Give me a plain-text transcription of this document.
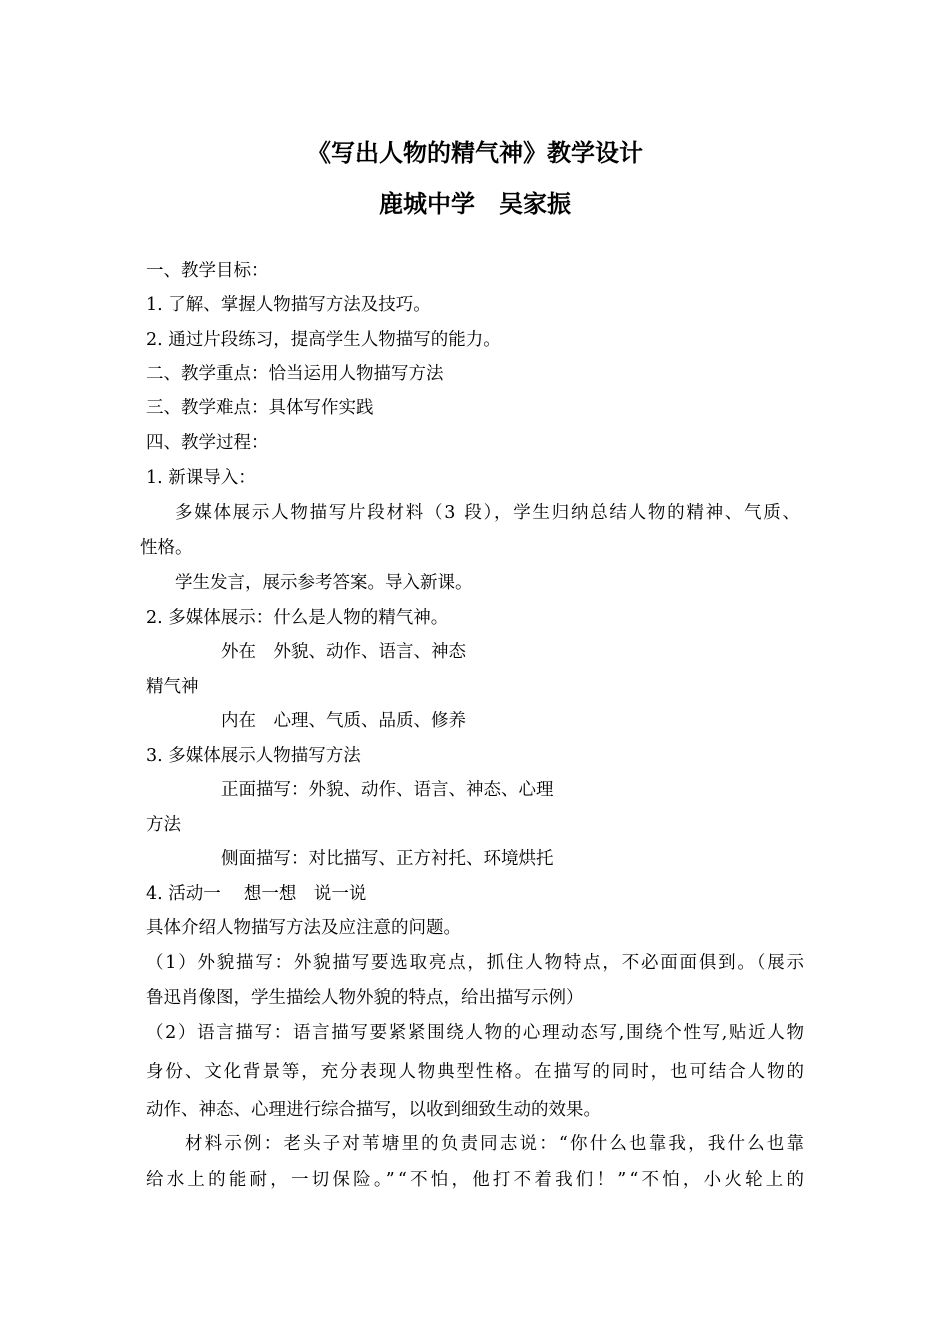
《写出人物的精气神》教学设计
鹿城中学　吴家振
一、教学目标：
1. 了解、掌握人物描写方法及技巧。
2. 通过片段练习，提高学生人物描写的能力。
二、教学重点：恰当运用人物描写方法
三、教学难点：具体写作实践
四、教学过程：
1. 新课导入：
多媒体展示人物描写片段材料（3 段），学生归纳总结人物的精神、气质、
性格。
学生发言，展示参考答案。导入新课。
2. 多媒体展示：什么是人物的精气神。
外在　外貌、动作、语言、神态
精气神
内在　心理、气质、品质、修养
3. 多媒体展示人物描写方法
正面描写：外貌、动作、语言、神态、心理
方法
侧面描写：对比描写、正方衬托、环境烘托
4. 活动一　 想一想　说一说
具体介绍人物描写方法及应注意的问题。
（1）外貌描写：外貌描写要选取亮点，抓住人物特点，不必面面俱到。（展示
鲁迅肖像图，学生描绘人物外貌的特点，给出描写示例）
（2）语言描写：语言描写要紧紧围绕人物的心理动态写,围绕个性写,贴近人物
身份、文化背景等，充分表现人物典型性格。在描写的同时，也可结合人物的
动作、神态、心理进行综合描写，以收到细致生动的效果。
材料示例：老头子对苇塘里的负责同志说：“你什么也靠我，我什么也靠
给水上的能耐，一切保险。”“不怕，他打不着我们！”“不怕，小火轮上的
